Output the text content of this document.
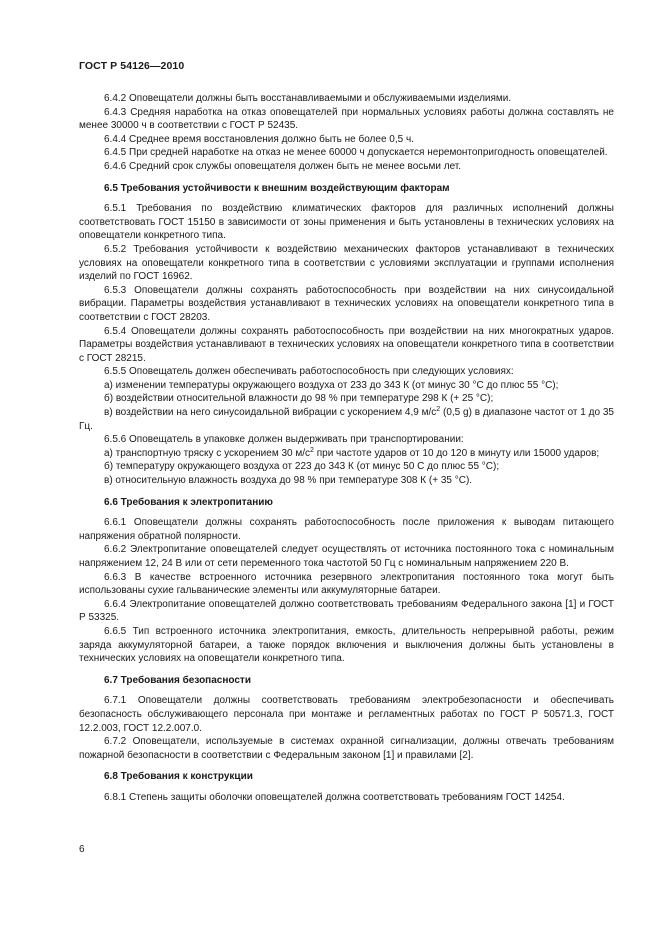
ГОСТ Р 54126—2010
6.4.2 Оповещатели должны быть восстанавливаемыми и обслуживаемыми изделиями.
6.4.3 Средняя наработка на отказ оповещателей при нормальных условиях работы должна составлять не менее 30000 ч в соответствии с ГОСТ Р 52435.
6.4.4 Среднее время восстановления должно быть не более 0,5 ч.
6.4.5 При средней наработке на отказ не менее 60000 ч допускается неремонтопригодность оповещателей.
6.4.6 Средний срок службы оповещателя должен быть не менее восьми лет.
6.5 Требования устойчивости к внешним воздействующим факторам
6.5.1 Требования по воздействию климатических факторов для различных исполнений должны соответствовать ГОСТ 15150 в зависимости от зоны применения и быть установлены в технических условиях на оповещатели конкретного типа.
6.5.2 Требования устойчивости к воздействию механических факторов устанавливают в технических условиях на оповещатели конкретного типа в соответствии с условиями эксплуатации и группами исполнения изделий по ГОСТ 16962.
6.5.3 Оповещатели должны сохранять работоспособность при воздействии на них синусоидальной вибрации. Параметры воздействия устанавливают в технических условиях на оповещатели конкретного типа в соответствии с ГОСТ 28203.
6.5.4 Оповещатели должны сохранять работоспособность при воздействии на них многократных ударов. Параметры воздействия устанавливают в технических условиях на оповещатели конкретного типа в соответствии с ГОСТ 28215.
6.5.5 Оповещатель должен обеспечивать работоспособность при следующих условиях:
а) изменении температуры окружающего воздуха от 233 до 343 К (от минус 30 °С до плюс 55 °С);
б) воздействии относительной влажности до 98 % при температуре 298 К (+ 25 °С);
в) воздействии на него синусоидальной вибрации с ускорением 4,9 $м/с^2$ (0,5 g) в диапазоне частот от 1 до 35 Гц.
6.5.6 Оповещатель в упаковке должен выдерживать при транспортировании:
а) транспортную тряску с ускорением 30 $м/с^2$ при частоте ударов от 10 до 120 в минуту или 15000 ударов;
б) температуру окружающего воздуха от 223 до 343 К (от минус 50 С до плюс 55 °С);
в) относительную влажность воздуха до 98 % при температуре 308 К (+ 35 °С).
6.6 Требования к электропитанию
6.6.1 Оповещатели должны сохранять работоспособность после приложения к выводам питающего напряжения обратной полярности.
6.6.2 Электропитание оповещателей следует осуществлять от источника постоянного тока с номинальным напряжением 12, 24 В или от сети переменного тока частотой 50 Гц с номинальным напряжением 220 В.
6.6.3 В качестве встроенного источника резервного электропитания постоянного тока могут быть использованы сухие гальванические элементы или аккумуляторные батареи.
6.6.4 Электропитание оповещателей должно соответствовать требованиям Федерального закона [1] и ГОСТ Р 53325.
6.6.5 Тип встроенного источника электропитания, емкость, длительность непрерывной работы, режим заряда аккумуляторной батареи, а также порядок включения и выключения должны быть установлены в технических условиях на оповещатели конкретного типа.
6.7 Требования безопасности
6.7.1 Оповещатели должны соответствовать требованиям электробезопасности и обеспечивать безопасность обслуживающего персонала при монтаже и регламентных работах по ГОСТ Р 50571.3, ГОСТ 12.2.003, ГОСТ 12.2.007.0.
6.7.2 Оповещатели, используемые в системах охранной сигнализации, должны отвечать требованиям пожарной безопасности в соответствии с Федеральным законом [1] и правилами [2].
6.8 Требования к конструкции
6.8.1 Степень защиты оболочки оповещателей должна соответствовать требованиям ГОСТ 14254.
6
